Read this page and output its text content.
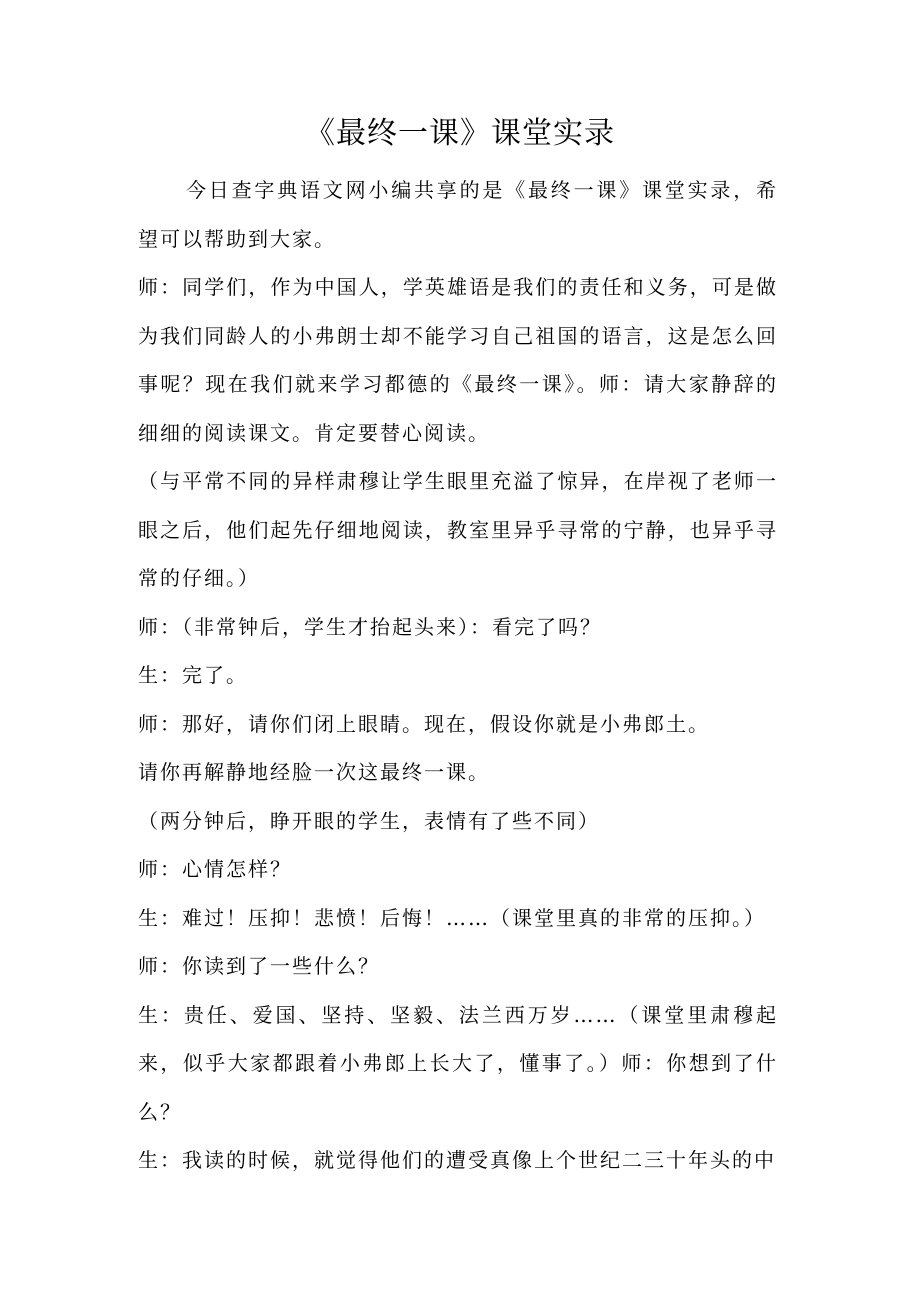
《最终一课》课堂实录

今日查字典语文网小编共享的是《最终一课》课堂实录，希望可以帮助到大家。

师：同学们，作为中国人，学英雄语是我们的责任和义务，可是做为我们同龄人的小弗朗士却不能学习自己祖国的语言，这是怎么回事呢？现在我们就来学习都德的《最终一课》。师：请大家静辞的细细的阅读课文。肯定要替心阅读。

（与平常不同的异样肃穆让学生眼里充溢了惊异，在岸视了老师一眼之后，他们起先仔细地阅读，教室里异乎寻常的宁静，也异乎寻常的仔细。）

师：（非常钟后，学生才抬起头来）：看完了吗？

生：完了。

师：那好，请你们闭上眼睛。现在，假设你就是小弗郎土。

请你再解静地经脸一次这最终一课。

（两分钟后，睁开眼的学生，表情有了些不同）

师：心情怎样？

生：难过！压抑！悲愤！后悔！……（课堂里真的非常的压抑。）

师：你读到了一些什么？

生：贵任、爱国、坚持、坚毅、法兰西万岁……（课堂里肃穆起来，似乎大家都跟着小弗郎上长大了，懂事了。）师：你想到了什么？

生：我读的时候，就觉得他们的遭受真像上个世纪二三十年头的中
